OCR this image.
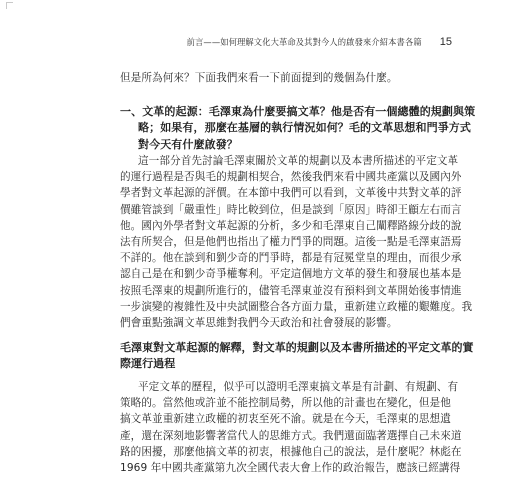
前言——如何理解文化大革命及其對今人的啟發來介紹本書各篇 15
但是所為何來？下面我們來看一下前面提到的幾個為什麼。
一、文革的起源：毛澤東為什麼要搞文革？他是否有一個總體的規劃與策
略；如果有，那麼在基層的執行情況如何？毛的文革思想和門爭方式
對今天有什麼啟發？
這一部分首先討論毛澤東關於文革的規劃以及本書所描述的平定文革
的運行過程是否與毛的規劃相契合，然後我們來看中國共產黨以及國內外
學者對文革起源的評價。在本節中我們可以看到，文革後中共對文革的評
價雖管談到「嚴重性」時比較到位，但是談到「原因」時卻王顧左右而言
他。國內外學者對文革起源的分析，多少和毛澤東自己闡釋路線分歧的說
法有所契合，但是他們也指出了權力鬥爭的問題。這後一點是毛澤東語焉
不詳的。他在談到和劉少奇的鬥爭時，都是有冠冕堂皇的理由，而很少承
認自己是在和劉少奇爭權奪利。平定這個地方文革的發生和發展也基本是
按照毛澤東的規劃所進行的，儘管毛澤東並沒有預料到文革開始後事情進
一步演變的複雜性及中央試圖整合各方面力量，重新建立政權的艱難度。我
們會重點強調文革思維對我們今天政治和社會發展的影響。
毛澤東對文革起源的解釋，對文革的規劃以及本書所描述的平定文革的實
際運行過程
平定文革的歷程，似乎可以證明毛澤東搞文革是有計劃、有規劃、有
策略的。當然他或許並不能控制局勢，所以他的計畫也在變化，但是他
搞文革並重新建立政權的初衷至死不渝。就是在今天，毛澤東的思想遺
產，還在深刻地影響著當代人的思維方式。我們還面臨著選擇自己未來道
路的困擾，那麼他搞文革的初衷，根據他自己的說法，是什麼呢？林彪在
1969 年中國共產黨第九次全國代表大會上作的政治報告，應該已經講得
